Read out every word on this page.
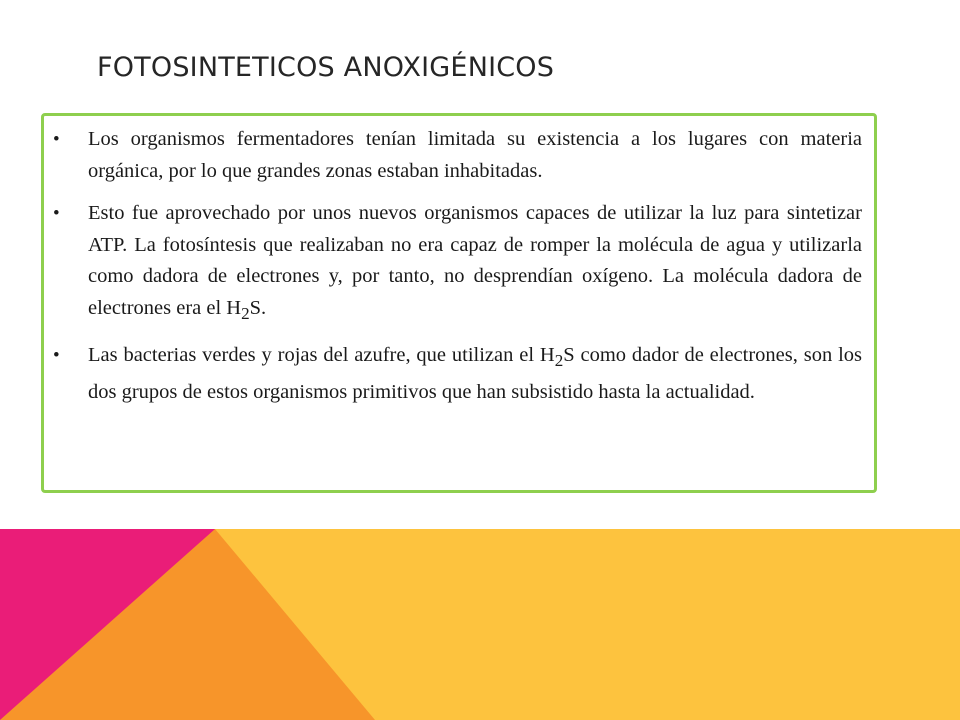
FOTOSINTETICOS ANOXIGÉNICOS
• Los organismos fermentadores tenían limitada su existencia a los lugares con materia orgánica, por lo que grandes zonas estaban inhabitadas.
• Esto fue aprovechado por unos nuevos organismos capaces de utilizar la luz para sintetizar ATP. La fotosíntesis que realizaban no era capaz de romper la molécula de agua y utilizarla como dadora de electrones y, por tanto, no desprendían oxígeno. La molécula dadora de electrones era el $H_2S$.
• Las bacterias verdes y rojas del azufre, que utilizan el $H_2S$ como dador de electrones, son los dos grupos de estos organismos primitivos que han subsistido hasta la actualidad.
